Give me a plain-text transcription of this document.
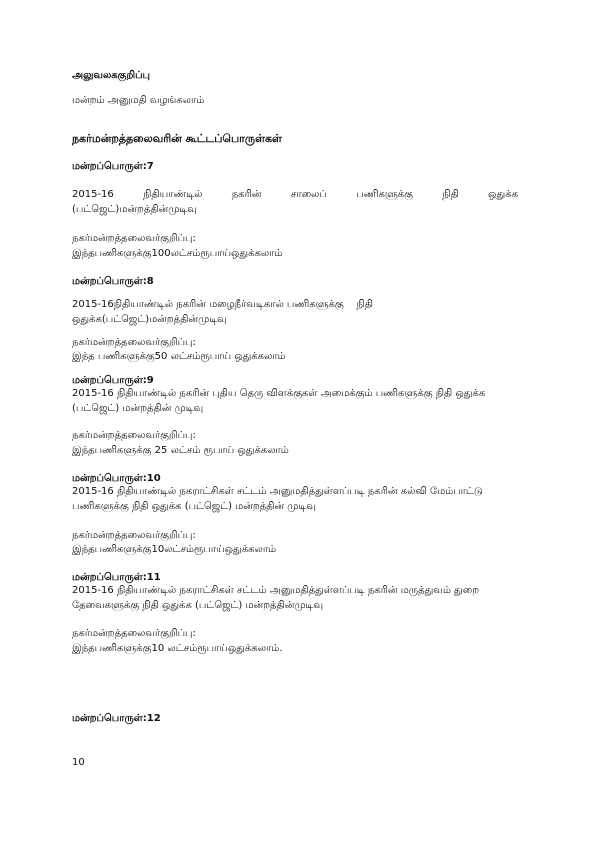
அலுவலககுறிப்பு

மன்றம் அனுமதி வழங்கலாம்

நகர்மன்றத்தலைவரின் கூட்டப்பொருள்கள்

மன்றப்பொருள்:7

2015-16	நிதியாண்டில்	நகரின்	சாலைப்	பணிகளுக்கு	நிதி	ஒதுக்க

(பட்ஜெட்)மன்றத்தின்முடிவு

நகர்மன்றத்தலைவர்குறிப்பு:

இந்தபணிகளுக்கு100லட்சம்ரூபாய்ஒதுக்கலாம்

மன்றப்பொருள்:8

2015-16நிதியாண்டில் நகரின் மழைநீர்வடிகால் பணிகளுக்கு    நிதி

ஒதுக்க(பட்ஜெட்)மன்றத்தின்முடிவு

நகர்மன்றத்தலைவர்குறிப்பு:

இந்த பணிகளுக்கு50 லட்சம்ரூபாய் ஒதுக்கலாம்

மன்றப்பொருள்:9

2015-16 நிதியாண்டில் நகரின் புதிய தெரு விளக்குகள் அமைக்கும் பணிகளுக்கு நிதி ஒதுக்க

(பட்ஜெட்) மன்றத்தின் முடிவு

நகர்மன்றத்தலைவர்குறிப்பு:

இந்தபணிகளுக்கு 25 லட்சம் ரூபாய் ஒதுக்கலாம்

மன்றப்பொருள்:10

2015-16 நிதியாண்டில் நகராட்சிகள் சட்டம் அனுமதித்துள்ளப்படி நகரின் கல்வி மேம்பாட்டு

பணிகளுக்கு நிதி ஒதுக்க (பட்ஜெட்) மன்றத்தின் முடிவு

நகர்மன்றத்தலைவர்குறிப்பு:

இந்தபணிகளுக்கு10லட்சம்ரூபாய்ஒதுக்கலாம்

மன்றப்பொருள்:11

2015-16 நிதியாண்டில் நகராட்சிகள் சட்டம் அனுமதித்துள்ளப்படி நகரின் மருத்துவம் துறை

தேவைகளுக்கு நிதி ஒதுக்க (பட்ஜெட்) மன்றத்தின்முடிவு

நகர்மன்றத்தலைவர்குறிப்பு:

இந்தபணிகளுக்கு10 லட்சம்ரூபாய்ஒதுக்கலாம்.

மன்றப்பொருள்:12

10
